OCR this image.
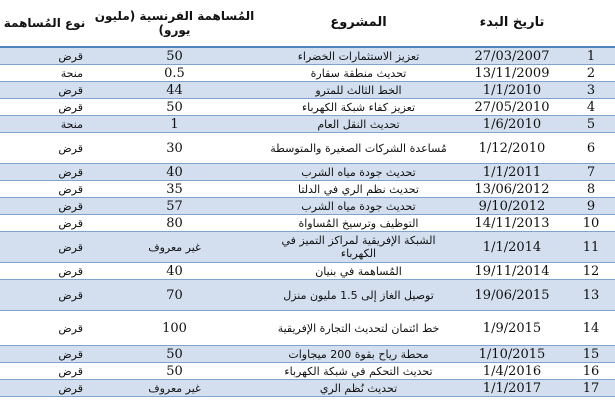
	تاريخ البدء	المشروع	المُساهمة الفرنسية (مليون يورو)	نوع المُساهمة
1	27/03/2007	تعزيز الاستثمارات الخضراء	50	قرض
2	13/11/2009	تحديث منطقة سقارة	0.5	منحة
3	1/1/2010	الخط الثالث للمترو	44	قرض
4	27/05/2010	تعزيز كفاء شبكة الكهرباء	50	قرض
5	1/6/2010	تحديث النقل العام	1	منحة
6	1/12/2010	مُساعدة الشركات الصغيرة والمتوسطة	30	قرض
7	1/1/2011	تحديث جودة مياه الشرب	40	قرض
8	13/06/2012	تحديث نظم الري في الدلتا	35	قرض
9	9/10/2012	تحديث جودة مياه الشرب	57	قرض
10	14/11/2013	التوظيف وترسيخ المُساواة	80	قرض
11	1/1/2014	الشبكة الإفريقية لمراكز التميز في الكهرباء	غير معروف	قرض
12	19/11/2014	المُساهمة في بنيان	40	قرض
13	19/06/2015	توصيل الغاز إلى 1.5 مليون منزل	70	قرض
14	1/9/2015	خط ائتمان لتحديث التجارة الإفريقية	100	قرض
15	1/10/2015	محطة رياح بقوة 200 ميجاوات	50	قرض
16	1/4/2016	تحديث التحكم في شبكة الكهرباء	50	قرض
17	1/1/2017	تحديث نُظم الري	غير معروف	قرض
